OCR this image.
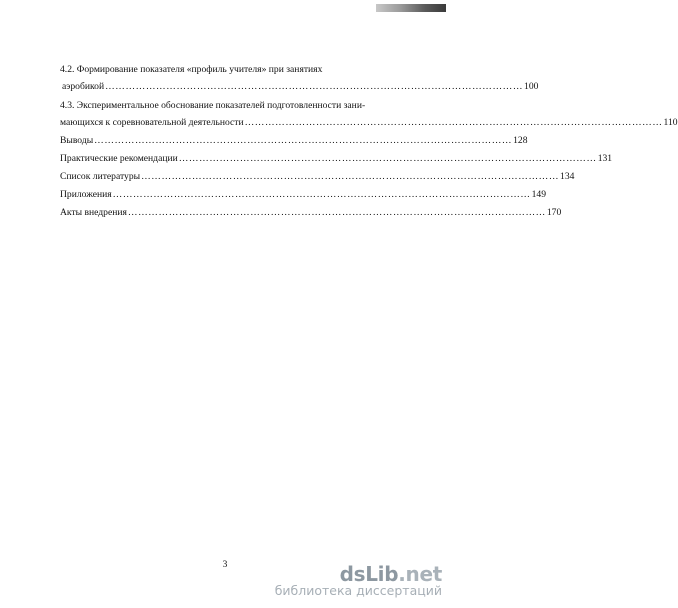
4.2. Формирование показателя «профиль учителя» при занятиях
аэробикой …………………………………………………………………………………………………………… 100
4.3. Экспериментальное обоснование показателей подготовленности зани-
мающихся к соревновательной деятельности …………………………………………………………………………………………………………… 110
Выводы …………………………………………………………………………………………………………… 128
Практические рекомендации …………………………………………………………………………………………………………… 131
Список литературы …………………………………………………………………………………………………………… 134
Приложения …………………………………………………………………………………………………………… 149
Акты внедрения …………………………………………………………………………………………………………… 170
3	dsLib.net
библиотека диссертаций
